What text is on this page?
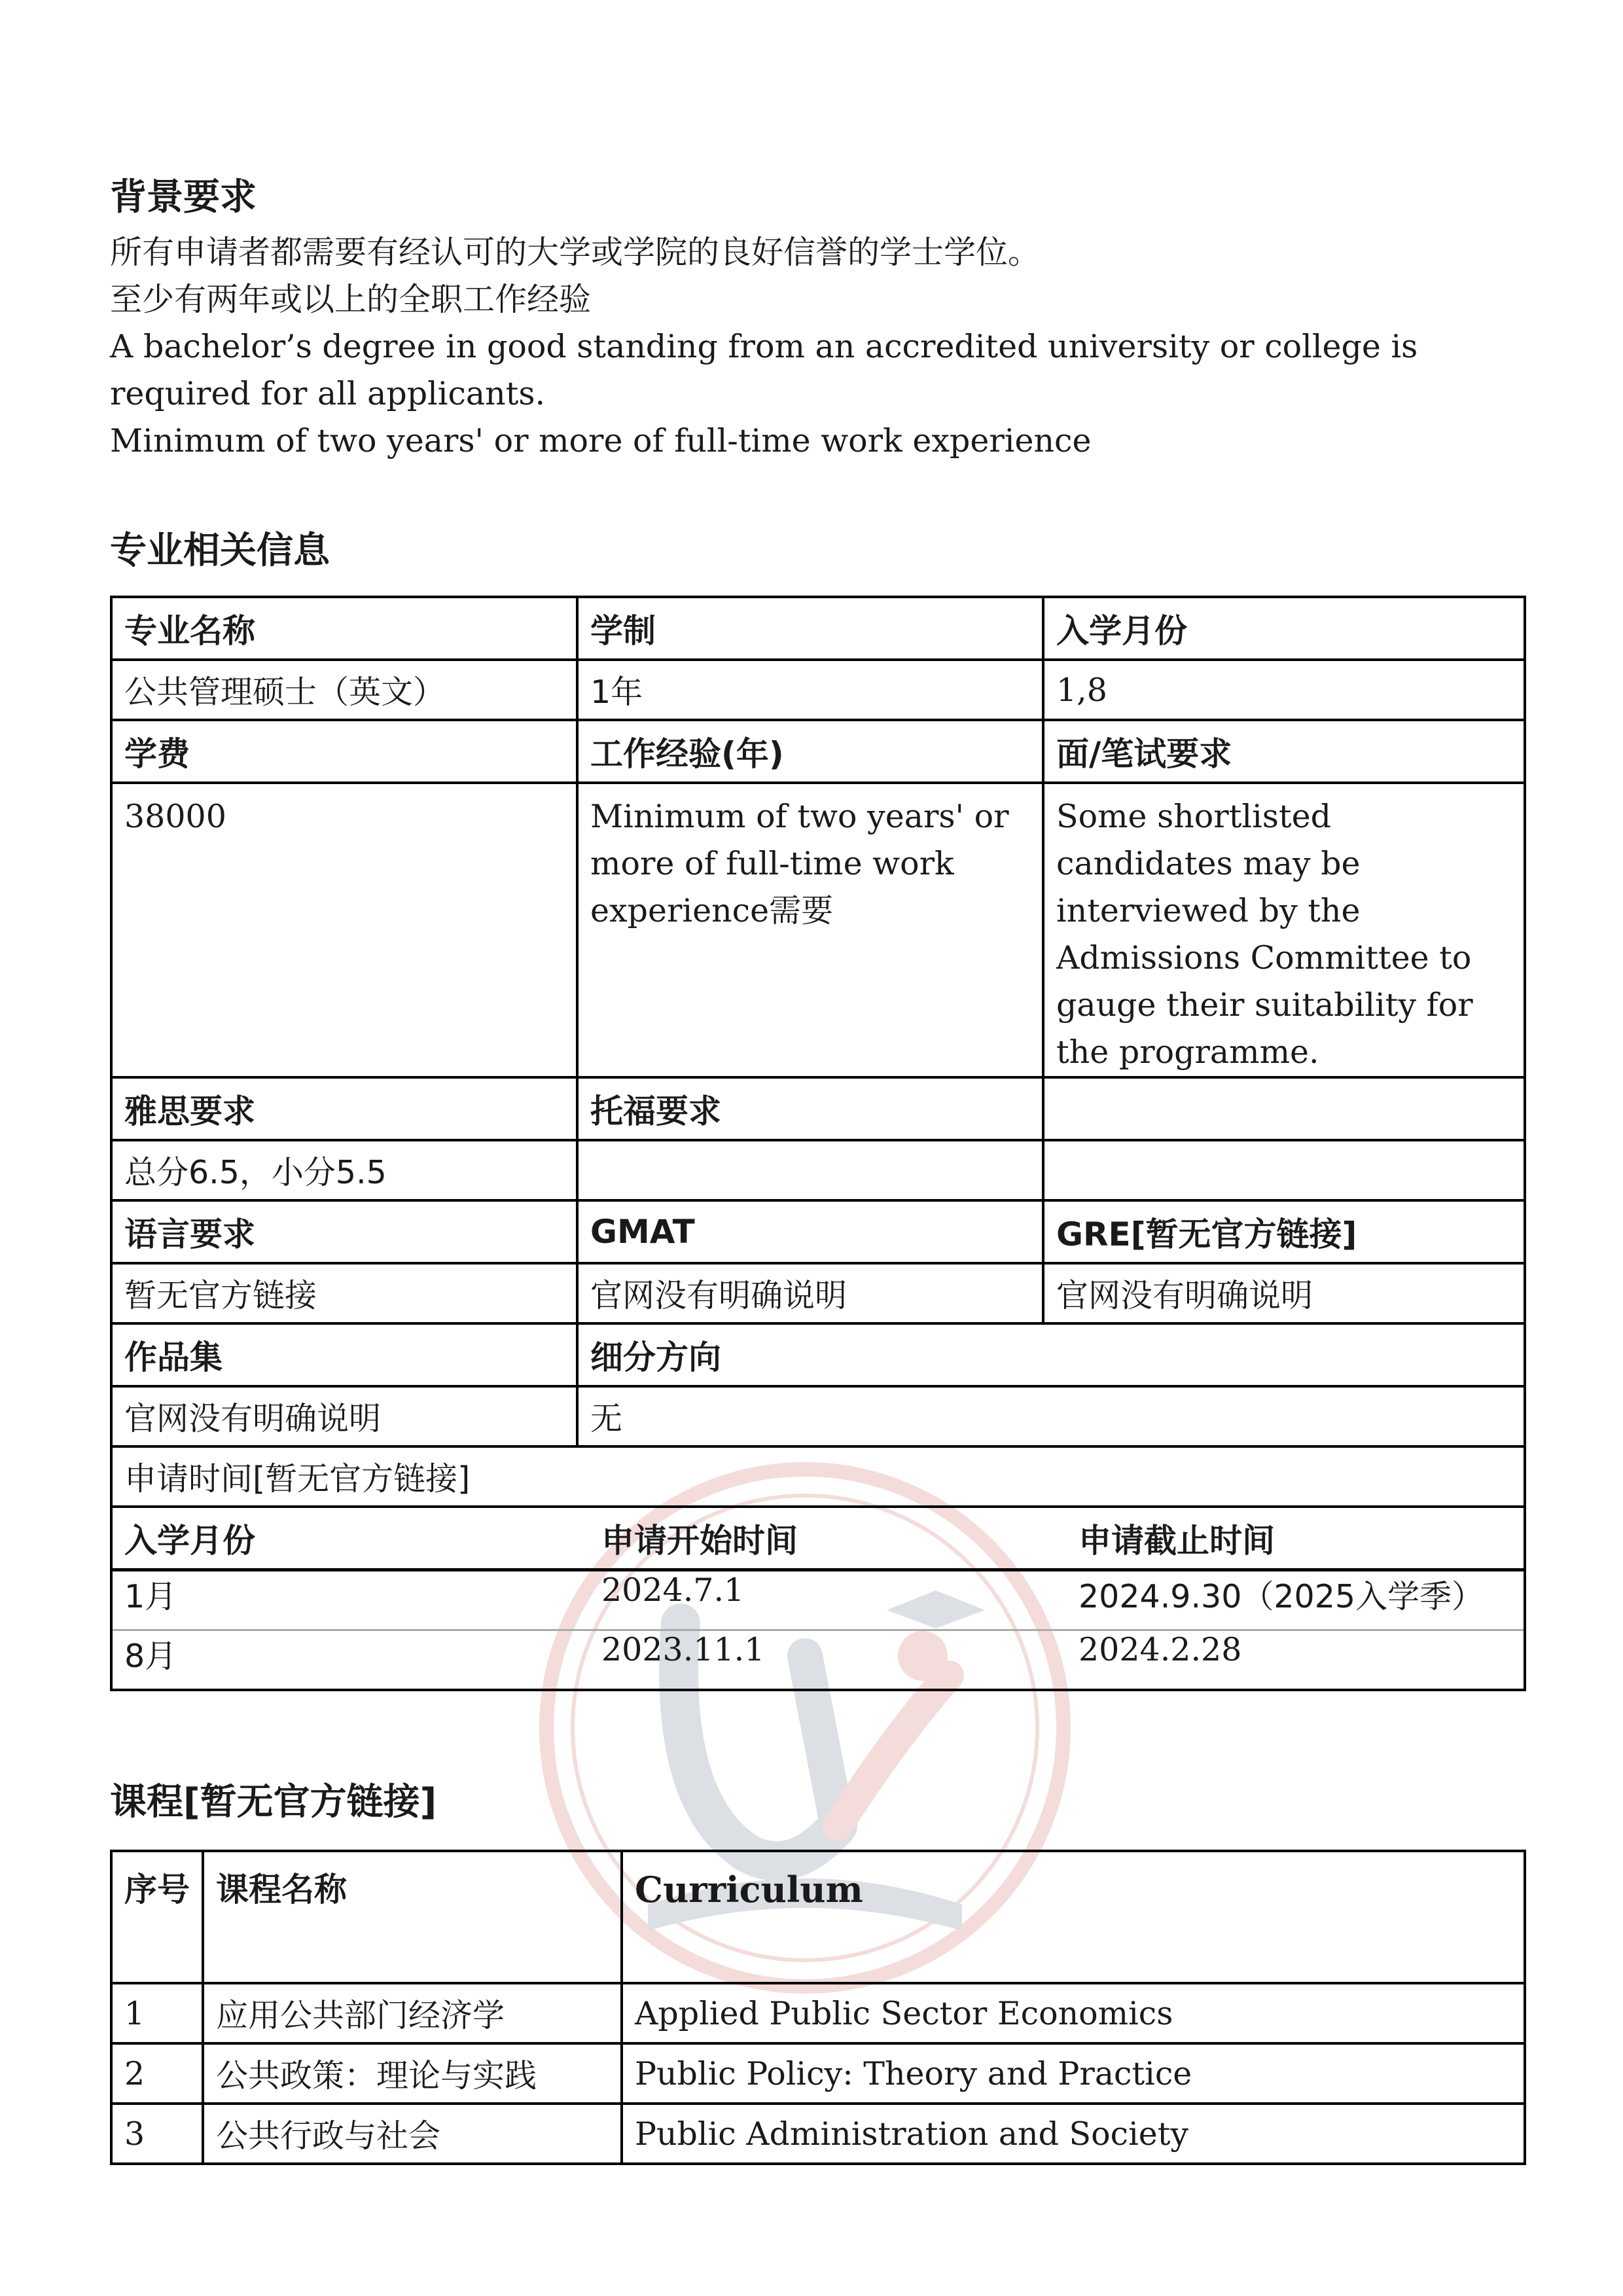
背景要求

所有申请者都需要有经认可的大学或学院的良好信誉的学士学位。

至少有两年或以上的全职工作经验

A bachelor’s degree in good standing from an accredited university or college is required for all applicants.

Minimum of two years' or more of full-time work experience

专业相关信息
专业名称	学制	入学月份
公共管理硕士（英文）	1年	1,8
学费	工作经验(年)	面/笔试要求
38000	Minimum of two years' or more of full-time work experience需要	Some shortlisted candidates may be interviewed by the Admissions Committee to gauge their suitability for the programme.
雅思要求	托福要求	
总分6.5，小分5.5		
语言要求	GMAT	GRE[暂无官方链接]
暂无官方链接	官网没有明确说明	官网没有明确说明
作品集	细分方向
官网没有明确说明	无
申请时间[暂无官方链接]

入学月份	申请开始时间	申请截止时间
1月	2024.7.1	2024.9.30（2025入学季）
8月	2023.11.1	2024.2.28
课程[暂无官方链接]
序号	课程名称	Curriculum
1	应用公共部门经济学	Applied Public Sector Economics
2	公共政策：理论与实践	Public Policy: Theory and Practice
3	公共行政与社会	Public Administration and Society
